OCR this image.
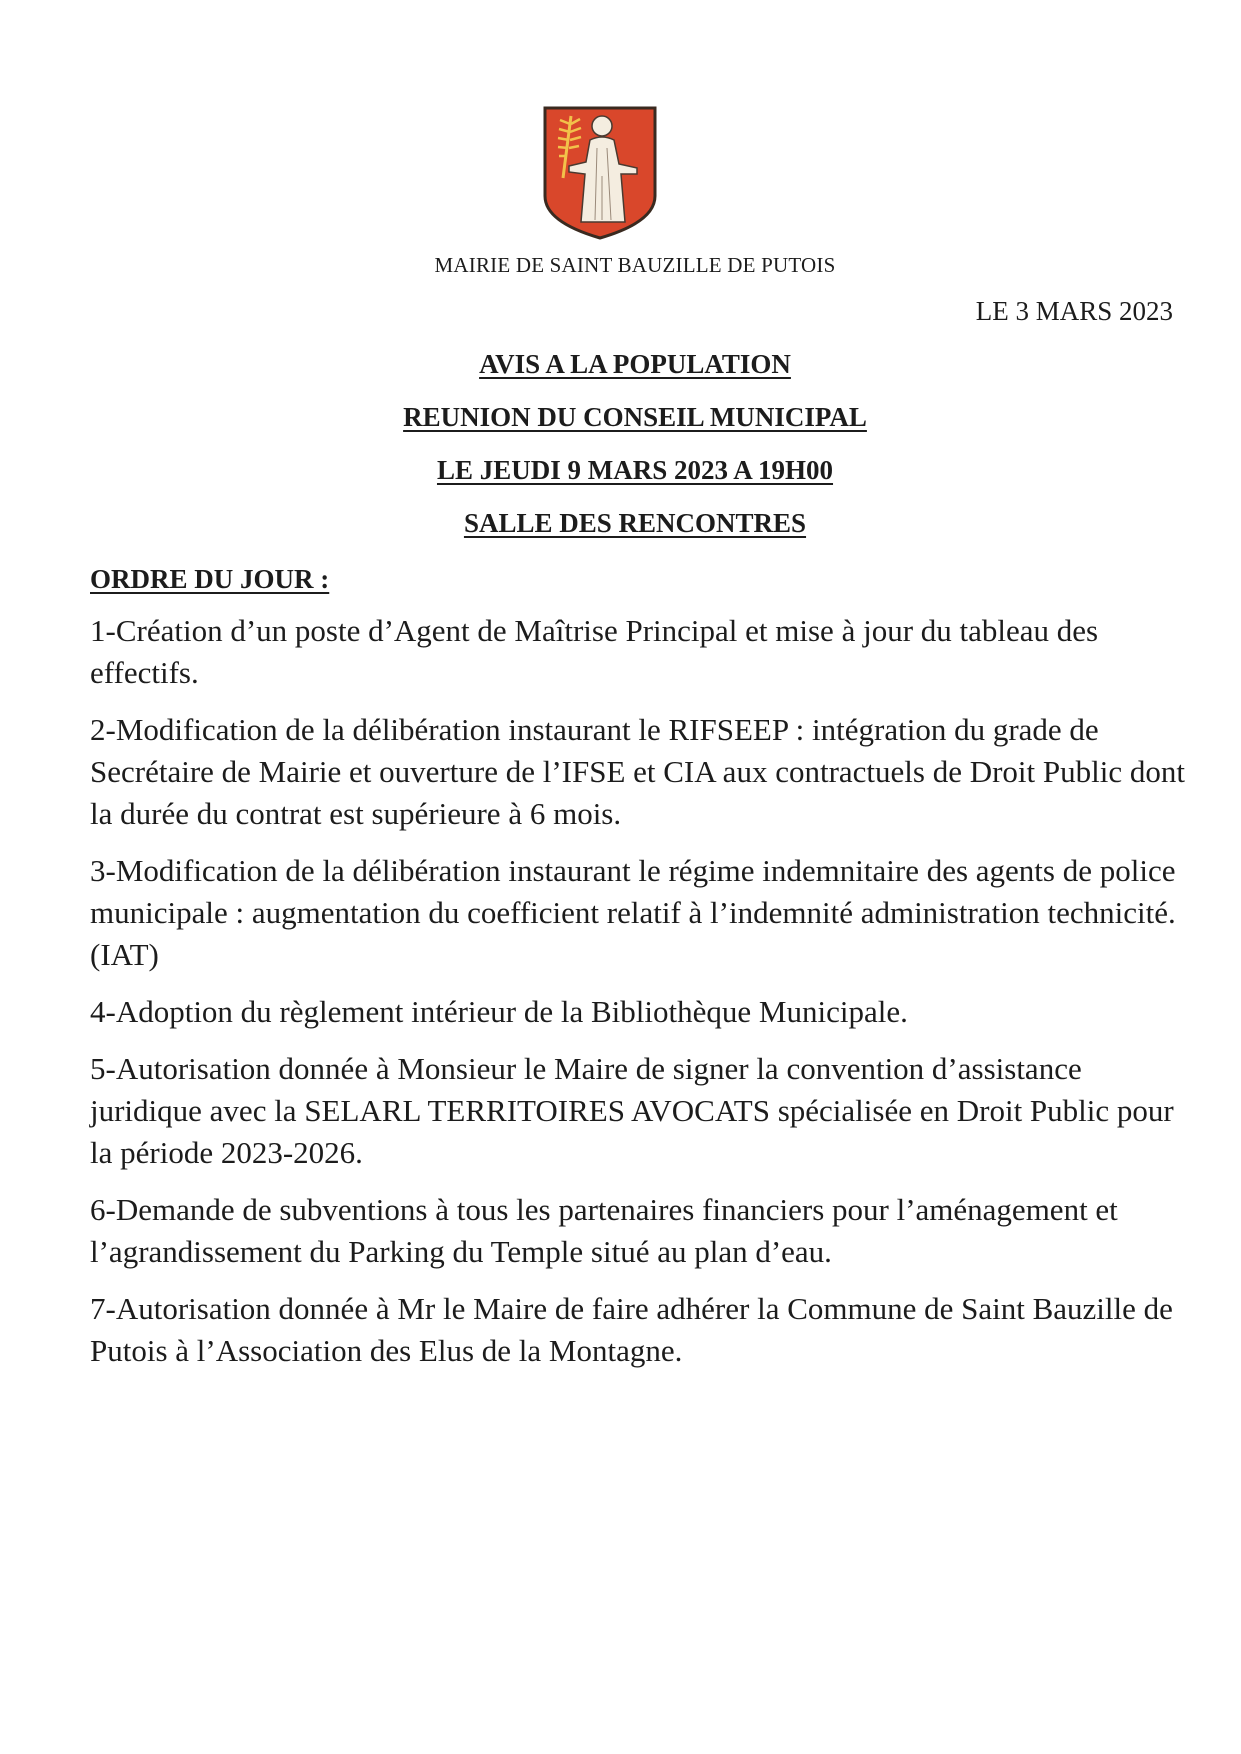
MAIRIE DE SAINT BAUZILLE DE PUTOIS
LE 3 MARS 2023
AVIS A LA POPULATION
REUNION DU CONSEIL MUNICIPAL
LE JEUDI 9 MARS 2023 A 19H00
SALLE DES RENCONTRES
ORDRE DU JOUR :

1-Création d’un poste d’Agent de Maîtrise Principal et mise à jour du tableau des effectifs.

2-Modification de la délibération instaurant le RIFSEEP : intégration du grade de Secrétaire de Mairie et ouverture de l’IFSE et CIA aux contractuels de Droit Public dont la durée du contrat est supérieure à 6 mois.

3-Modification de la délibération instaurant le régime indemnitaire des agents de police municipale : augmentation du coefficient relatif à l’indemnité administration technicité. (IAT)

4-Adoption du règlement intérieur de la Bibliothèque Municipale.

5-Autorisation donnée à Monsieur le Maire de signer la convention d’assistance juridique avec la SELARL TERRITOIRES AVOCATS spécialisée en Droit Public pour la période 2023-2026.

6-Demande de subventions à tous les partenaires financiers pour l’aménagement et l’agrandissement du Parking du Temple situé au plan d’eau.

7-Autorisation donnée à Mr le Maire de faire adhérer la Commune de Saint Bauzille de Putois à l’Association des Elus de la Montagne.
